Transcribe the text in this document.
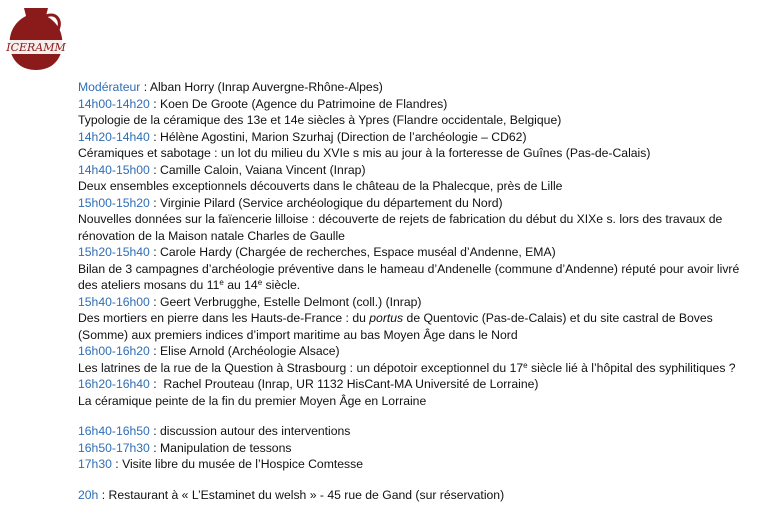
ICERAMM
Modérateur : Alban Horry (Inrap Auvergne-Rhône-Alpes)
14h00-14h20 : Koen De Groote (Agence du Patrimoine de Flandres)
Typologie de la céramique des 13e et 14e siècles à Ypres (Flandre occidentale, Belgique)
14h20-14h40 : Hélène Agostini, Marion Szurhaj (Direction de l’archéologie – CD62)
Céramiques et sabotage : un lot du milieu du XVIe s mis au jour à la forteresse de Guînes (Pas-de-Calais)
14h40-15h00 : Camille Caloin, Vaiana Vincent (Inrap)
Deux ensembles exceptionnels découverts dans le château de la Phalecque, près de Lille
15h00-15h20 : Virginie Pilard (Service archéologique du département du Nord)
Nouvelles données sur la faïencerie lilloise : découverte de rejets de fabrication du début du XIXe s. lors des travaux de rénovation de la Maison natale Charles de Gaulle
15h20-15h40 : Carole Hardy (Chargée de recherches, Espace muséal d’Andenne, EMA)
Bilan de 3 campagnes d’archéologie préventive dans le hameau d’Andenelle (commune d’Andenne) réputé pour avoir livré des ateliers mosans du 11e au 14e siècle.
15h40-16h00 : Geert Verbrugghe, Estelle Delmont (coll.) (Inrap)
Des mortiers en pierre dans les Hauts-de-France : du portus de Quentovic (Pas-de-Calais) et du site castral de Boves (Somme) aux premiers indices d’import maritime au bas Moyen Âge dans le Nord
16h00-16h20 : Elise Arnold (Archéologie Alsace)
Les latrines de la rue de la Question à Strasbourg : un dépotoir exceptionnel du 17e siècle lié à l’hôpital des syphilitiques ?
16h20-16h40 :  Rachel Prouteau (Inrap, UR 1132 HisCant-MA Université de Lorraine)
La céramique peinte de la fin du premier Moyen Âge en Lorraine
16h40-16h50 : discussion autour des interventions
16h50-17h30 : Manipulation de tessons
17h30 : Visite libre du musée de l’Hospice Comtesse
20h : Restaurant à « L’Estaminet du welsh » - 45 rue de Gand (sur réservation)
